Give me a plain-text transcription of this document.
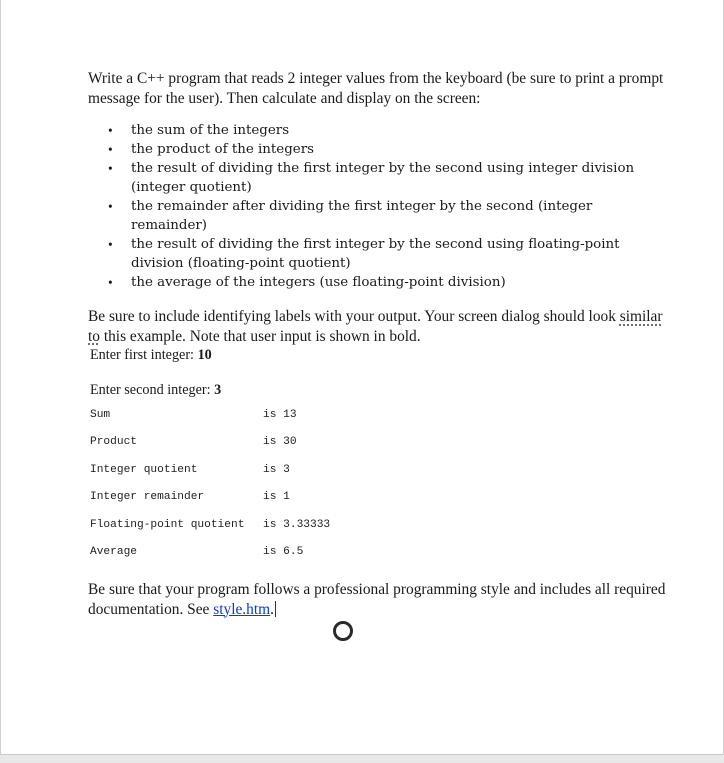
Write a C++ program that reads 2 integer values from the keyboard (be sure to print a prompt message for the user). Then calculate and display on the screen:

• the sum of the integers
• the product of the integers
• the result of dividing the first integer by the second using integer division (integer quotient)
• the remainder after dividing the first integer by the second (integer remainder)
• the result of dividing the first integer by the second using floating-point division (floating-point quotient)
• the average of the integers (use floating-point division)

Be sure to include identifying labels with your output. Your screen dialog should look similar to this example. Note that user input is shown in bold.

Enter first integer: 10

Enter second integer: 3

Sum	is 13
Product	is 30
Integer quotient	is 3
Integer remainder	is 1
Floating-point quotient	is 3.33333
Average	is 6.5

Be sure that your program follows a professional programming style and includes all required documentation. See style.htm.
